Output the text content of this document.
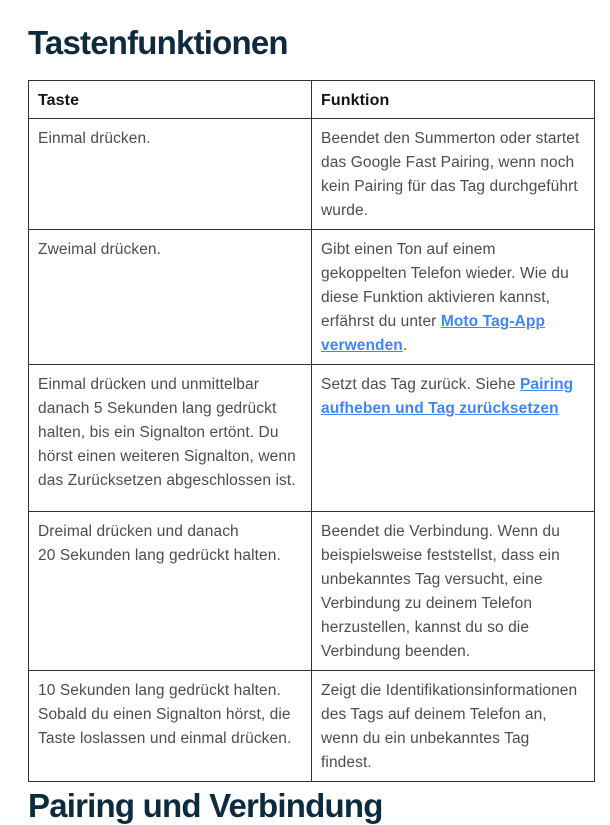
Tastenfunktionen
Taste	Funktion
Einmal drücken.	Beendet den Summerton oder startet das Google Fast Pairing, wenn noch kein Pairing für das Tag durchgeführt wurde.
Zweimal drücken.	Gibt einen Ton auf einem gekoppelten Telefon wieder. Wie du diese Funktion aktivieren kannst, erfährst du unter Moto Tag-App verwenden.
Einmal drücken und unmittelbar danach 5 Sekunden lang gedrückt halten, bis ein Signalton ertönt. Du hörst einen weiteren Signalton, wenn das Zurücksetzen abgeschlossen ist.	Setzt das Tag zurück. Siehe Pairing aufheben und Tag zurücksetzen
Dreimal drücken und danach 20 Sekunden lang gedrückt halten.	Beendet die Verbindung. Wenn du beispielsweise feststellst, dass ein unbekanntes Tag versucht, eine Verbindung zu deinem Telefon herzustellen, kannst du so die Verbindung beenden.
10 Sekunden lang gedrückt halten. Sobald du einen Signalton hörst, die Taste loslassen und einmal drücken.	Zeigt die Identifikationsinformationen des Tags auf deinem Telefon an, wenn du ein unbekanntes Tag findest.
Pairing und Verbindung
